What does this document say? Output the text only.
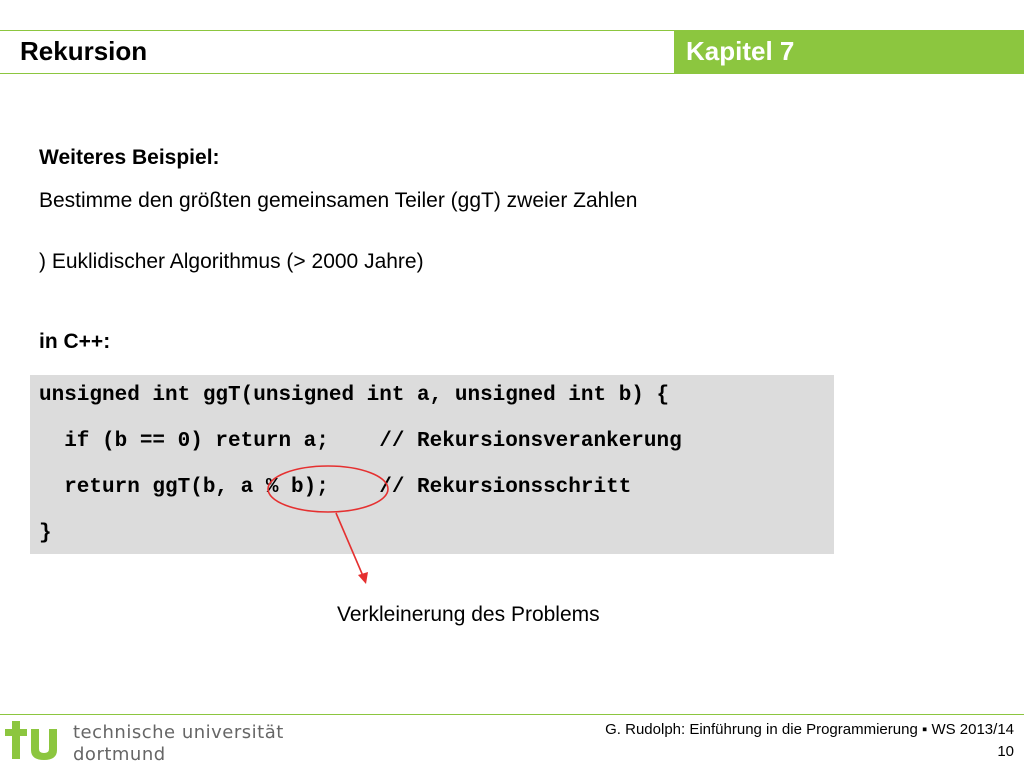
Rekursion	Kapitel 7
Weiteres Beispiel:
Bestimme den größten gemeinsamen Teiler (ggT) zweier Zahlen
) Euklidischer Algorithmus (> 2000 Jahre)
in C++:
unsigned int ggT(unsigned int a, unsigned int b) {
if (b == 0) return a;    // Rekursionsverankerung
return ggT(b, a % b);    // Rekursionsschritt
}
Verkleinerung des Problems
technische universität
dortmund
G. Rudolph: Einführung in die Programmierung ▪ WS 2013/14
10
